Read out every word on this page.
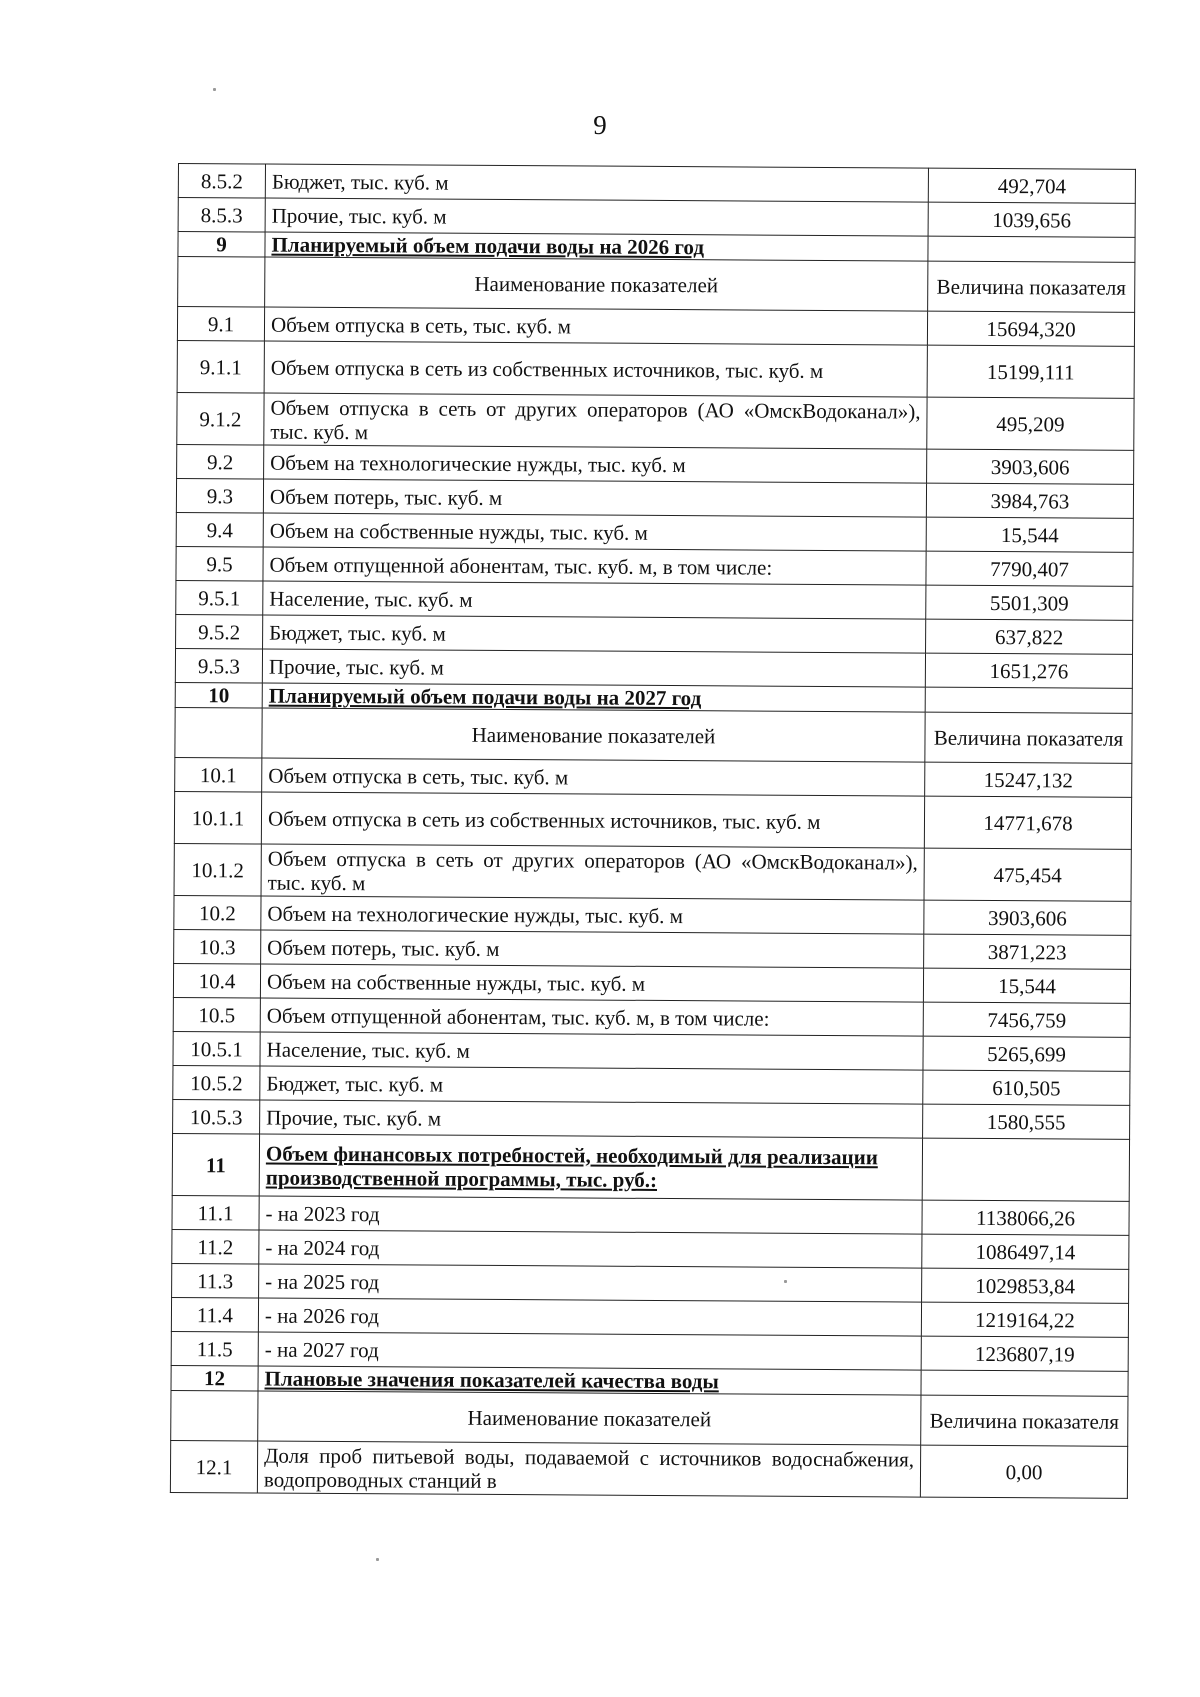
9
8.5.2	Бюджет, тыс. куб. м	492,704
8.5.3	Прочие, тыс. куб. м	1039,656
9	Планируемый объем подачи воды на 2026 год	
	Наименование показателей	Величина показателя
9.1	Объем отпуска в сеть, тыс. куб. м	15694,320
9.1.1	Объем отпуска в сеть из собственных источников, тыс. куб. м	15199,111
9.1.2	Объем отпуска в сеть от других операторов (АО «ОмскВодоканал»), тыс. куб. м	495,209
9.2	Объем на технологические нужды, тыс. куб. м	3903,606
9.3	Объем потерь, тыс. куб. м	3984,763
9.4	Объем на собственные нужды, тыс. куб. м	15,544
9.5	Объем отпущенной абонентам, тыс. куб. м, в том числе:	7790,407
9.5.1	Население, тыс. куб. м	5501,309
9.5.2	Бюджет, тыс. куб. м	637,822
9.5.3	Прочие, тыс. куб. м	1651,276
10	Планируемый объем подачи воды на 2027 год	
	Наименование показателей	Величина показателя
10.1	Объем отпуска в сеть, тыс. куб. м	15247,132
10.1.1	Объем отпуска в сеть из собственных источников, тыс. куб. м	14771,678
10.1.2	Объем отпуска в сеть от других операторов (АО «ОмскВодоканал»), тыс. куб. м	475,454
10.2	Объем на технологические нужды, тыс. куб. м	3903,606
10.3	Объем потерь, тыс. куб. м	3871,223
10.4	Объем на собственные нужды, тыс. куб. м	15,544
10.5	Объем отпущенной абонентам, тыс. куб. м, в том числе:	7456,759
10.5.1	Население, тыс. куб. м	5265,699
10.5.2	Бюджет, тыс. куб. м	610,505
10.5.3	Прочие, тыс. куб. м	1580,555
11	Объем финансовых потребностей, необходимый для реализации производственной программы, тыс. руб.:	
11.1	- на 2023 год	1138066,26
11.2	- на 2024 год	1086497,14
11.3	- на 2025 год	1029853,84
11.4	- на 2026 год	1219164,22
11.5	- на 2027 год	1236807,19
12	Плановые значения показателей качества воды	
	Наименование показателей	Величина показателя
12.1	Доля проб питьевой воды, подаваемой с источников водоснабжения, водопроводных станций в	0,00
